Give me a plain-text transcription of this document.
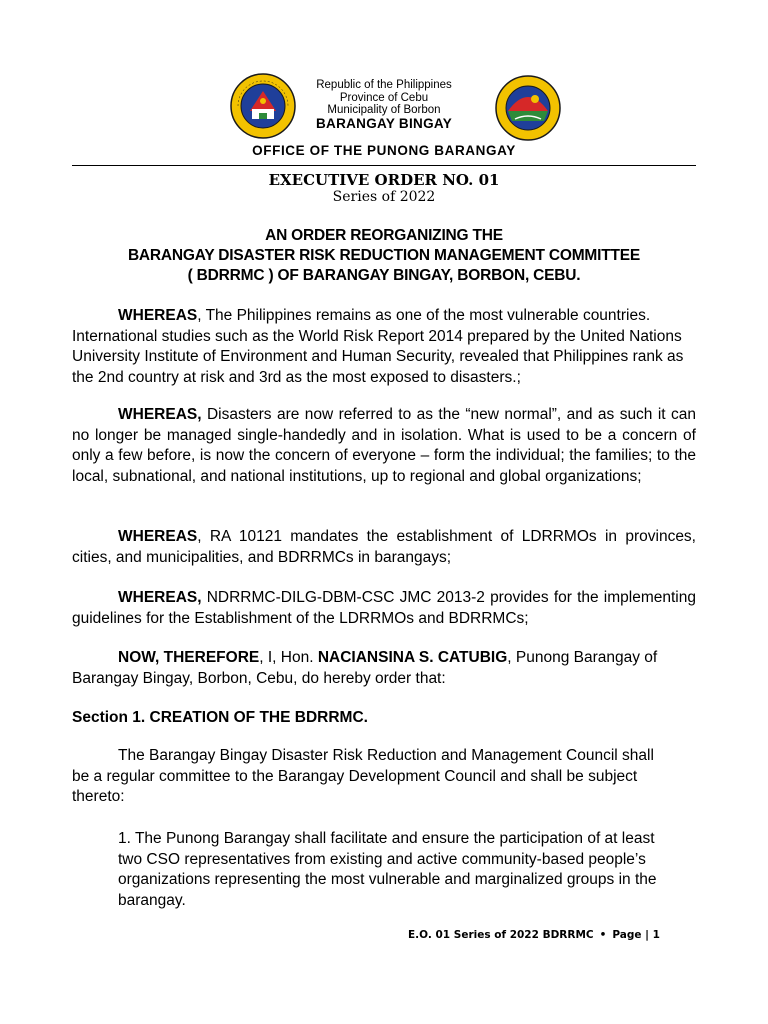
Republic of the Philippines
Province of Cebu
Municipality of Borbon
BARANGAY BINGAY
OFFICE OF THE PUNONG BARANGAY
EXECUTIVE ORDER NO. 01
Series of 2022
AN ORDER REORGANIZING THE
BARANGAY DISASTER RISK REDUCTION MANAGEMENT COMMITTEE
( BDRRMC ) OF BARANGAY BINGAY, BORBON, CEBU.
WHEREAS, The Philippines remains as one of the most vulnerable countries. International studies such as the World Risk Report 2014 prepared by the United Nations University Institute of Environment and Human Security, revealed that Philippines rank as the 2nd country at risk and 3rd as the most exposed to disasters.;
WHEREAS, Disasters are now referred to as the “new normal”, and as such it can no longer be managed single-handedly and in isolation. What is used to be a concern of only a few before, is now the concern of everyone – form the individual; the families; to the local, subnational, and national institutions, up to regional and global organizations;
WHEREAS, RA 10121 mandates the establishment of LDRRMOs in provinces, cities, and municipalities, and BDRRMCs in barangays;
WHEREAS, NDRRMC-DILG-DBM-CSC JMC 2013-2 provides for the implementing guidelines for the Establishment of the LDRRMOs and BDRRMCs;
NOW, THEREFORE, I, Hon. NACIANSINA S. CATUBIG, Punong Barangay of Barangay Bingay, Borbon, Cebu, do hereby order that:
Section 1. CREATION OF THE BDRRMC.
The Barangay Bingay Disaster Risk Reduction and Management Council shall be a regular committee to the Barangay Development Council and shall be subject thereto:
1. The Punong Barangay shall facilitate and ensure the participation of at least two CSO representatives from existing and active community-based people’s organizations representing the most vulnerable and marginalized groups in the barangay.
E.O. 01 Series of 2022 BDRRMC • Page | 1
